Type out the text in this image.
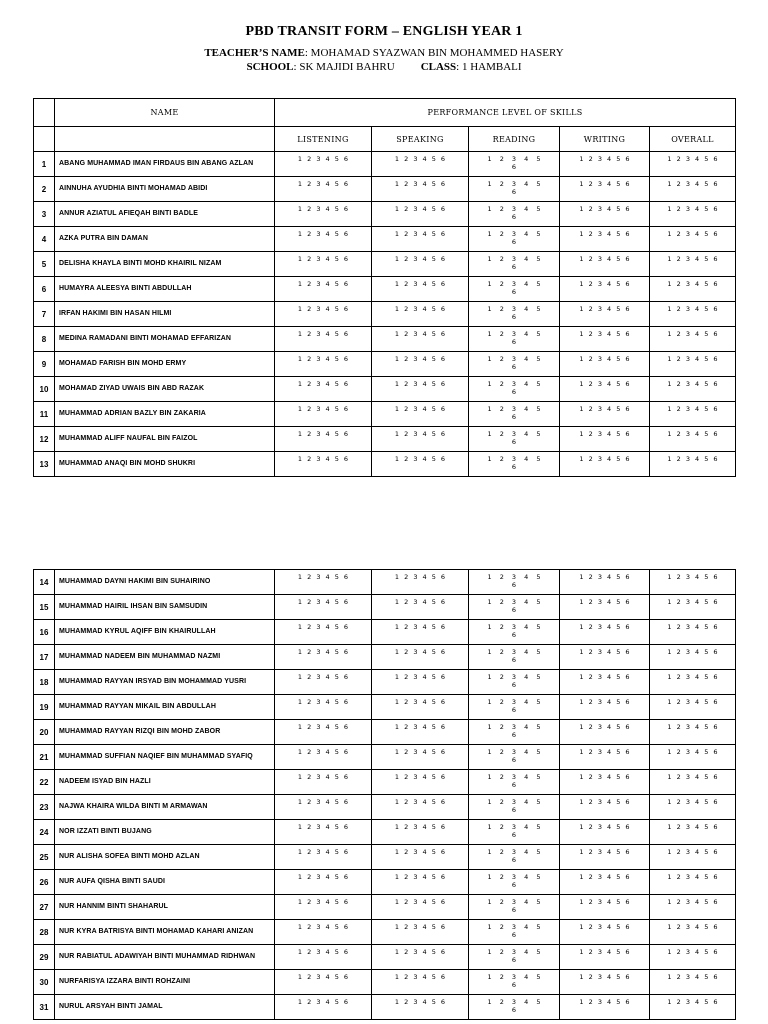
PBD TRANSIT FORM – ENGLISH YEAR 1
TEACHER’S NAME: MOHAMAD SYAZWAN BIN MOHAMMED HASERY
SCHOOL: SK MAJIDI BAHRU CLASS: 1 HAMBALI
	NAME	PERFORMANCE LEVEL OF SKILLS				
		LISTENING	SPEAKING	READING	WRITING	OVERALL
1	ABANG MUHAMMAD IMAN FIRDAUS BIN ABANG AZLAN	1 2 3 4 5 6	1 2 3 4 5 6	1 2 3 4 5 6	1 2 3 4 5 6	1 2 3 4 5 6
2	AINNUHA AYUDHIA BINTI MOHAMAD ABIDI	1 2 3 4 5 6	1 2 3 4 5 6	1 2 3 4 5 6	1 2 3 4 5 6	1 2 3 4 5 6
3	ANNUR AZIATUL AFIEQAH BINTI BADLE	1 2 3 4 5 6	1 2 3 4 5 6	1 2 3 4 5 6	1 2 3 4 5 6	1 2 3 4 5 6
4	AZKA PUTRA BIN DAMAN	1 2 3 4 5 6	1 2 3 4 5 6	1 2 3 4 5 6	1 2 3 4 5 6	1 2 3 4 5 6
5	DELISHA KHAYLA BINTI MOHD KHAIRIL NIZAM	1 2 3 4 5 6	1 2 3 4 5 6	1 2 3 4 5 6	1 2 3 4 5 6	1 2 3 4 5 6
6	HUMAYRA ALEESYA BINTI ABDULLAH	1 2 3 4 5 6	1 2 3 4 5 6	1 2 3 4 5 6	1 2 3 4 5 6	1 2 3 4 5 6
7	IRFAN HAKIMI BIN HASAN HILMI	1 2 3 4 5 6	1 2 3 4 5 6	1 2 3 4 5 6	1 2 3 4 5 6	1 2 3 4 5 6
8	MEDINA RAMADANI BINTI MOHAMAD EFFARIZAN	1 2 3 4 5 6	1 2 3 4 5 6	1 2 3 4 5 6	1 2 3 4 5 6	1 2 3 4 5 6
9	MOHAMAD FARISH BIN MOHD ERMY	1 2 3 4 5 6	1 2 3 4 5 6	1 2 3 4 5 6	1 2 3 4 5 6	1 2 3 4 5 6
10	MOHAMAD ZIYAD UWAIS BIN ABD RAZAK	1 2 3 4 5 6	1 2 3 4 5 6	1 2 3 4 5 6	1 2 3 4 5 6	1 2 3 4 5 6
11	MUHAMMAD ADRIAN BAZLY BIN ZAKARIA	1 2 3 4 5 6	1 2 3 4 5 6	1 2 3 4 5 6	1 2 3 4 5 6	1 2 3 4 5 6
12	MUHAMMAD ALIFF NAUFAL BIN FAIZOL	1 2 3 4 5 6	1 2 3 4 5 6	1 2 3 4 5 6	1 2 3 4 5 6	1 2 3 4 5 6
13	MUHAMMAD ANAQI BIN MOHD SHUKRI	1 2 3 4 5 6	1 2 3 4 5 6	1 2 3 4 5 6	1 2 3 4 5 6	1 2 3 4 5 6
14	MUHAMMAD DAYNI HAKIMI BIN SUHAIRINO	1 2 3 4 5 6	1 2 3 4 5 6	1 2 3 4 5 6	1 2 3 4 5 6	1 2 3 4 5 6
15	MUHAMMAD HAIRIL IHSAN BIN SAMSUDIN	1 2 3 4 5 6	1 2 3 4 5 6	1 2 3 4 5 6	1 2 3 4 5 6	1 2 3 4 5 6
16	MUHAMMAD KYRUL AQIFF BIN KHAIRULLAH	1 2 3 4 5 6	1 2 3 4 5 6	1 2 3 4 5 6	1 2 3 4 5 6	1 2 3 4 5 6
17	MUHAMMAD NADEEM BIN MUHAMMAD NAZMI	1 2 3 4 5 6	1 2 3 4 5 6	1 2 3 4 5 6	1 2 3 4 5 6	1 2 3 4 5 6
18	MUHAMMAD RAYYAN IRSYAD BIN MOHAMMAD YUSRI	1 2 3 4 5 6	1 2 3 4 5 6	1 2 3 4 5 6	1 2 3 4 5 6	1 2 3 4 5 6
19	MUHAMMAD RAYYAN MIKAIL BIN ABDULLAH	1 2 3 4 5 6	1 2 3 4 5 6	1 2 3 4 5 6	1 2 3 4 5 6	1 2 3 4 5 6
20	MUHAMMAD RAYYAN RIZQI BIN MOHD ZABOR	1 2 3 4 5 6	1 2 3 4 5 6	1 2 3 4 5 6	1 2 3 4 5 6	1 2 3 4 5 6
21	MUHAMMAD SUFFIAN NAQIEF BIN MUHAMMAD SYAFIQ	1 2 3 4 5 6	1 2 3 4 5 6	1 2 3 4 5 6	1 2 3 4 5 6	1 2 3 4 5 6
22	NADEEM ISYAD BIN HAZLI	1 2 3 4 5 6	1 2 3 4 5 6	1 2 3 4 5 6	1 2 3 4 5 6	1 2 3 4 5 6
23	NAJWA KHAIRA WILDA BINTI M ARMAWAN	1 2 3 4 5 6	1 2 3 4 5 6	1 2 3 4 5 6	1 2 3 4 5 6	1 2 3 4 5 6
24	NOR IZZATI BINTI BUJANG	1 2 3 4 5 6	1 2 3 4 5 6	1 2 3 4 5 6	1 2 3 4 5 6	1 2 3 4 5 6
25	NUR ALISHA SOFEA BINTI MOHD AZLAN	1 2 3 4 5 6	1 2 3 4 5 6	1 2 3 4 5 6	1 2 3 4 5 6	1 2 3 4 5 6
26	NUR AUFA QISHA BINTI SAUDI	1 2 3 4 5 6	1 2 3 4 5 6	1 2 3 4 5 6	1 2 3 4 5 6	1 2 3 4 5 6
27	NUR HANNIM BINTI SHAHARUL	1 2 3 4 5 6	1 2 3 4 5 6	1 2 3 4 5 6	1 2 3 4 5 6	1 2 3 4 5 6
28	NUR KYRA BATRISYA BINTI MOHAMAD KAHARI ANIZAN	1 2 3 4 5 6	1 2 3 4 5 6	1 2 3 4 5 6	1 2 3 4 5 6	1 2 3 4 5 6
29	NUR RABIATUL ADAWIYAH BINTI MUHAMMAD RIDHWAN	1 2 3 4 5 6	1 2 3 4 5 6	1 2 3 4 5 6	1 2 3 4 5 6	1 2 3 4 5 6
30	NURFARISYA IZZARA BINTI ROHZAINI	1 2 3 4 5 6	1 2 3 4 5 6	1 2 3 4 5 6	1 2 3 4 5 6	1 2 3 4 5 6
31	NURUL ARSYAH BINTI JAMAL	1 2 3 4 5 6	1 2 3 4 5 6	1 2 3 4 5 6	1 2 3 4 5 6	1 2 3 4 5 6
